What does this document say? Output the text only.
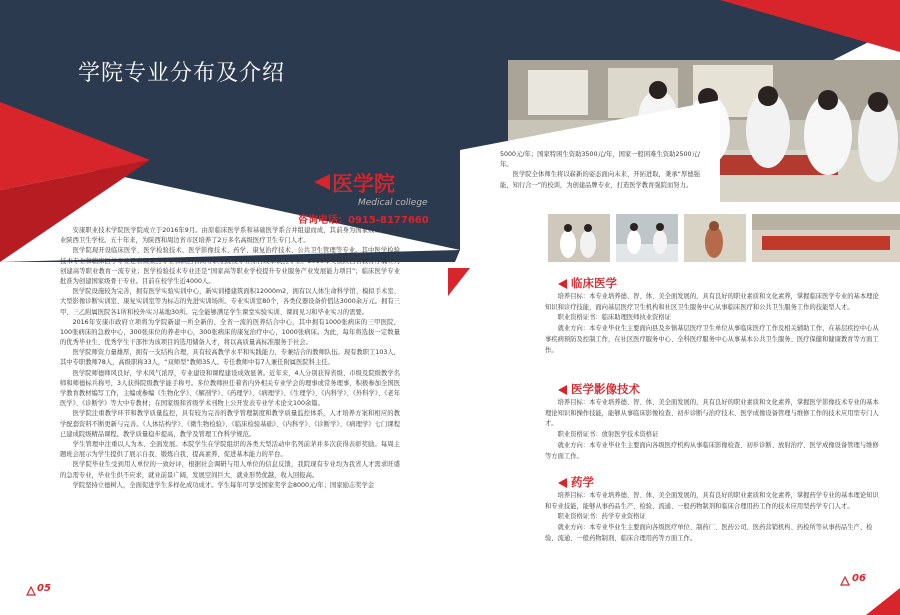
学院专业分布及介绍
医学院
Medical college
咨询电话：0915-8177660

安康职业技术学院医学院成立于2016年9月。由原临床医学系和基础医学系合并组建而成，其前身为国家级重点中专业陕西卫生学校。五十年来，为陕西和周边省市区培养了2万多名高级医疗卫生专门人才。

医学院现开设临床医学、医学检验技术、医学影像技术、药学、康复治疗技术、公共卫生管理等专业。其中医学检验技术专业和临床医学专业是省级重点专业和陕西省高等职业院校专业综合改革试点专业。2016年又被陕西省教育厅确立为创建高等职业教育一流专业；医学检验技术专业还是“国家高等职业学校提升专业服务产业发展能力项目”；临床医学专业批准为创建国家级骨干专业。目前在校学生近4000人。

医学院设施较为完善，拥有医学实验实训中心，新实训楼建筑面积12000m2，拥有以人体生命科学馆、模拟手术室、大型影像诊断实训室、康复实训室等为标志的先进实训场所。专业实训室80个，各类仪器设备价值达3000余万元。拥有三甲、三乙附属医院各1所和校外实习基地30所。完全能够满足学生课堂实验实训、课间见习和毕业实习的需要。

2016年安康市政府立项将为学院新建一所全新的、全省一流的医养结合中心，其中拥有1000张病床的三甲医院，100张病床的急救中心，300张床位的养老中心，300张病床的康复治疗中心，1000张病床。为此，每年将选拔一定数量的优秀毕业生、优秀学生干部作为该项目的选用储备人才，将以高质量高标准服务于社会。

医学院师资力量雄厚，拥有一支结构合理，具有较高教学水平和实践能力，专兼结合的教师队伍。现有教职工103人，其中专职教师78人，高级职称33人，“双师型”教师35人。专任教师中有7人兼任附属医院科主任。

医学院师德师风良好，学术风气浓厚，专业建设和课程建设成效显著。近年来，4人分别获得省级、市级及院级教学名师和师德标兵称号，3人获得院级教学能手称号。多位教师担任着省内外相关专业学会的理事或常务理事，积极参加全国医学教育教材编写工作，主编或参编《生物化学》、《解剖学》、《药理学》、《病理学》、《生理学》、《内科学》、《外科学》、《老年医学》、《诊断学》等大中专教材；在国家级和省级学术刊物上公开发表专业学术论文100余篇。

医学院注重教学环节和教学质量监控，具有较为完善的教学管理制度和教学质量监控体系，人才培养方案和相应的教学配套资料不断更新与完善。《人体结构学》、《微生物检验》、《临床检验基础》、《内科学》、《诊断学》、《病理学》七门课程已建成院级精品课程。教学质量稳步提高，教学及管理工作科学规范。

学生管理中注重以人为本、全面发展。本院学生在学院组织的各类大型活动中名列前茅并多次获得表彰奖励。每周主题班会展示为学生提供了展示自我、锻炼自我、提高素养、促进基本能力的平台。

医学院毕业生受到用人单位的一致好评，根据社会调研与用人单位的信息反馈，我院现有专业均为我省人才需求旺盛的急需专业，毕业生供不应求，就业前景广阔，发展空间巨大，就业形势优越，收入回报高。

学院坚持立德树人，全面促进学生多样化成功成才。学生每年可享受国家奖学金8000元/年；国家励志奖学金

5000元/年；国家特困生资助3500元/年，国家一般困难生资助2500元/年。

医学院全体师生将以崭新的姿态面向未来、开拓进取，秉承“厚德强能，知行合一”的校训，为创建品牌专业，打造医学教育强院而努力。

临床医学

培养目标：本专业培养德、智、体、美全面发展的，具有良好的职业素质和文化素养，掌握临床医学专业的基本理论知识和诊疗技能，面向基层医疗卫生机构和社区卫生服务中心从事临床医疗和公共卫生服务工作的技能型人才。

职业资格证书：临床助理医师执业资格证

就业方向：本专业毕业生主要面向县及乡镇基层医疗卫生单位从事临床医疗工作及相关辅助工作，在基层疾控中心从事疾病预防及控制工作，在社区医疗服务中心、全科医疗服务中心从事基本公共卫生服务、医疗保健和健康教育等方面工作。

医学影像技术

培养目标：本专业培养德、智、体、美全面发展的，具有良好的职业素质和文化素养，掌握医学影像技术专业的基本理论知识和操作技能，能够从事临床影像检查、初步诊断与治疗技术、医学成像设备管理与维修工作的技术应用型专门人才。

职业资格证书：放射医学技术资格证

就业方向：本专业毕业生主要面向各级医疗机构从事临床影像检查、初步诊断、放射治疗、医学成像设备管理与维修等方面工作。

药学

培养目标：本专业培养德、智、体、美全面发展的，具有良好的职业素质和文化素养，掌握药学专业的基本理论知识和专业技能，能够从事药品生产、检验、流通、一般药物制剂和临床合理用药工作的技术应用型药学专门人才。

职业资格证书：药学专业资格证

就业方向：本专业毕业生主要面向各级医疗单位、制药厂、医药公司、医药营销机构、药检所等从事药品生产、检验、流通、一般药物制剂、临床合理用药等方面工作。

05
06
